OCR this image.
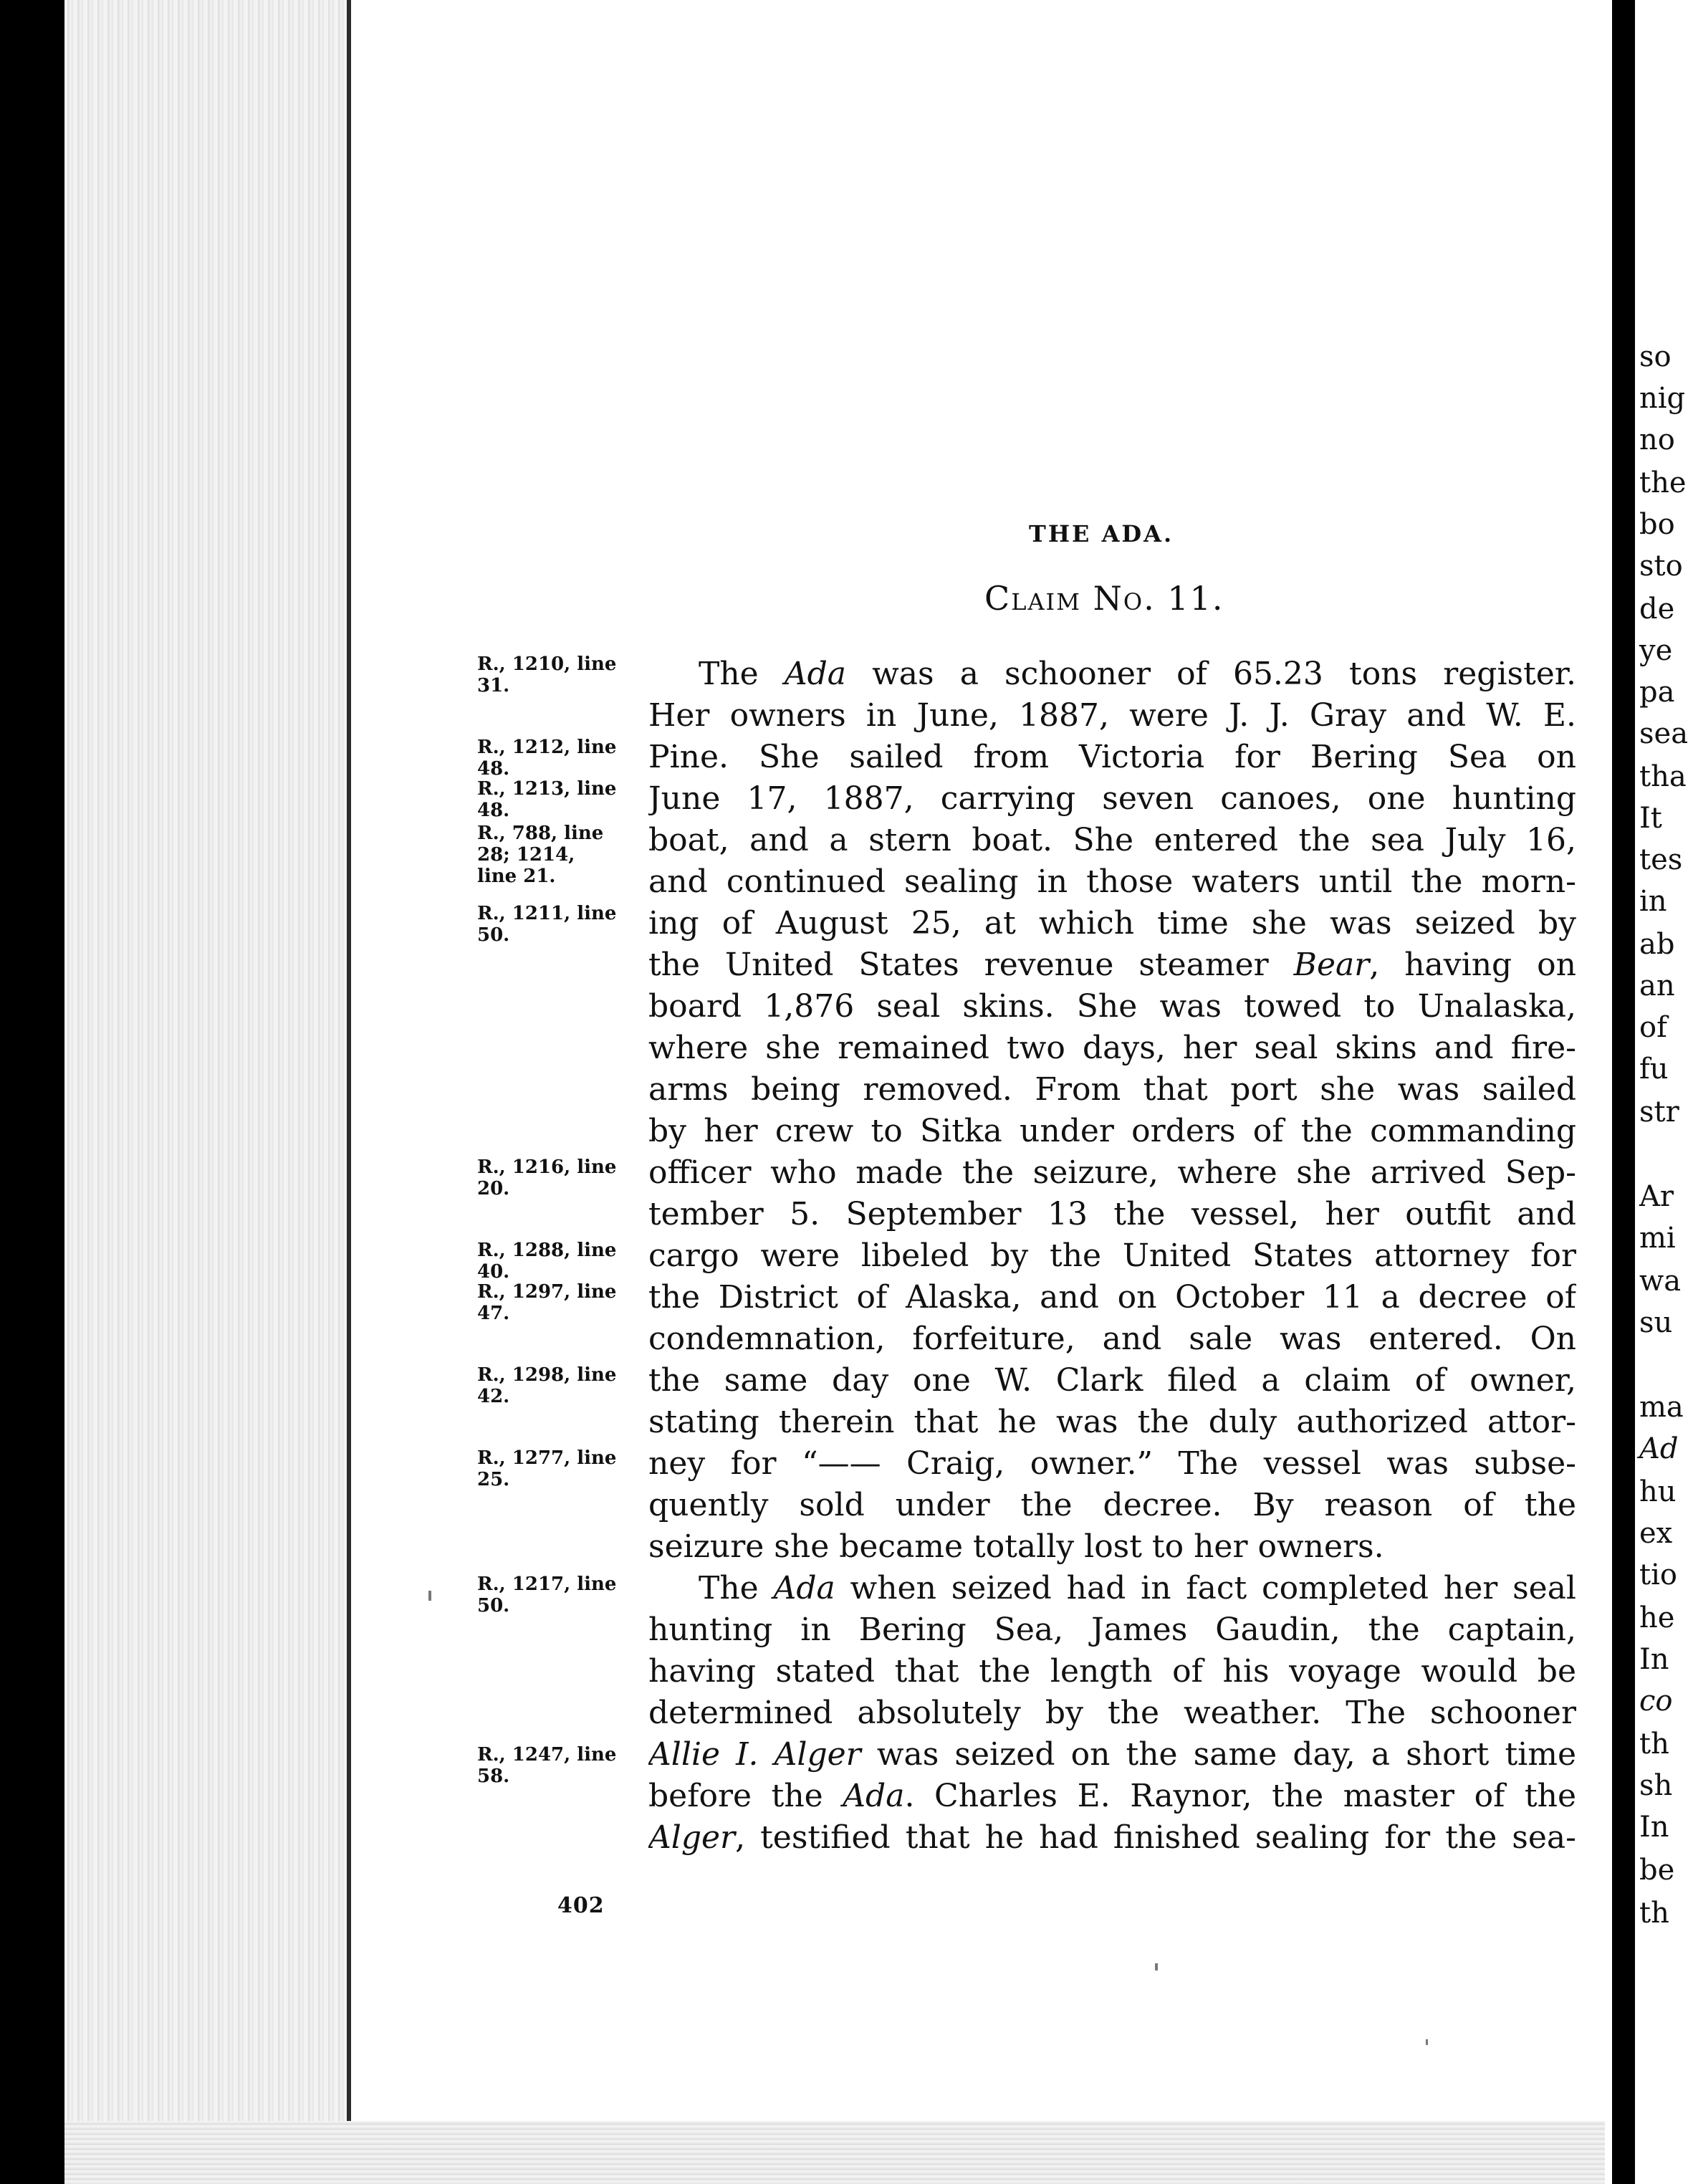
THE ADA.
Claim No. 11.
The Ada was a schooner of 65.23 tons register.
Her owners in June, 1887, were J. J. Gray and W. E.
Pine. She sailed from Victoria for Bering Sea on
June 17, 1887, carrying seven canoes, one hunting
boat, and a stern boat. She entered the sea July 16,
and continued sealing in those waters until the morn-
ing of August 25, at which time she was seized by
the United States revenue steamer Bear, having on
board 1,876 seal skins. She was towed to Unalaska,
where she remained two days, her seal skins and fire-
arms being removed. From that port she was sailed
by her crew to Sitka under orders of the commanding
officer who made the seizure, where she arrived Sep-
tember 5. September 13 the vessel, her outfit and
cargo were libeled by the United States attorney for
the District of Alaska, and on October 11 a decree of
condemnation, forfeiture, and sale was entered. On
the same day one W. Clark filed a claim of owner,
stating therein that he was the duly authorized attor-
ney for “—— Craig, owner.” The vessel was subse-
quently sold under the decree. By reason of the
seizure she became totally lost to her owners.
The Ada when seized had in fact completed her seal
hunting in Bering Sea, James Gaudin, the captain,
having stated that the length of his voyage would be
determined absolutely by the weather. The schooner
Allie I. Alger was seized on the same day, a short time
before the Ada. Charles E. Raynor, the master of the
Alger, testified that he had finished sealing for the sea-
R., 1210, line
31.
R., 1212, line
48.
R., 1213, line
48.
R., 788, line
28; 1214,
line 21.
R., 1211, line
50.
R., 1216, line
20.
R., 1288, line
40.
R., 1297, line
47.
R., 1298, line
42.
R., 1277, line
25.
R., 1217, line
50.
R., 1247, line
58.
402
so
nig
no
the
bo
sto
de
ye
pa
sea
tha
It
tes
in
ab
an
of
fu
str
Ar
mi
wa
su
ma
Ad
hu
ex
tio
he
In
co
th
sh
In
be
th
